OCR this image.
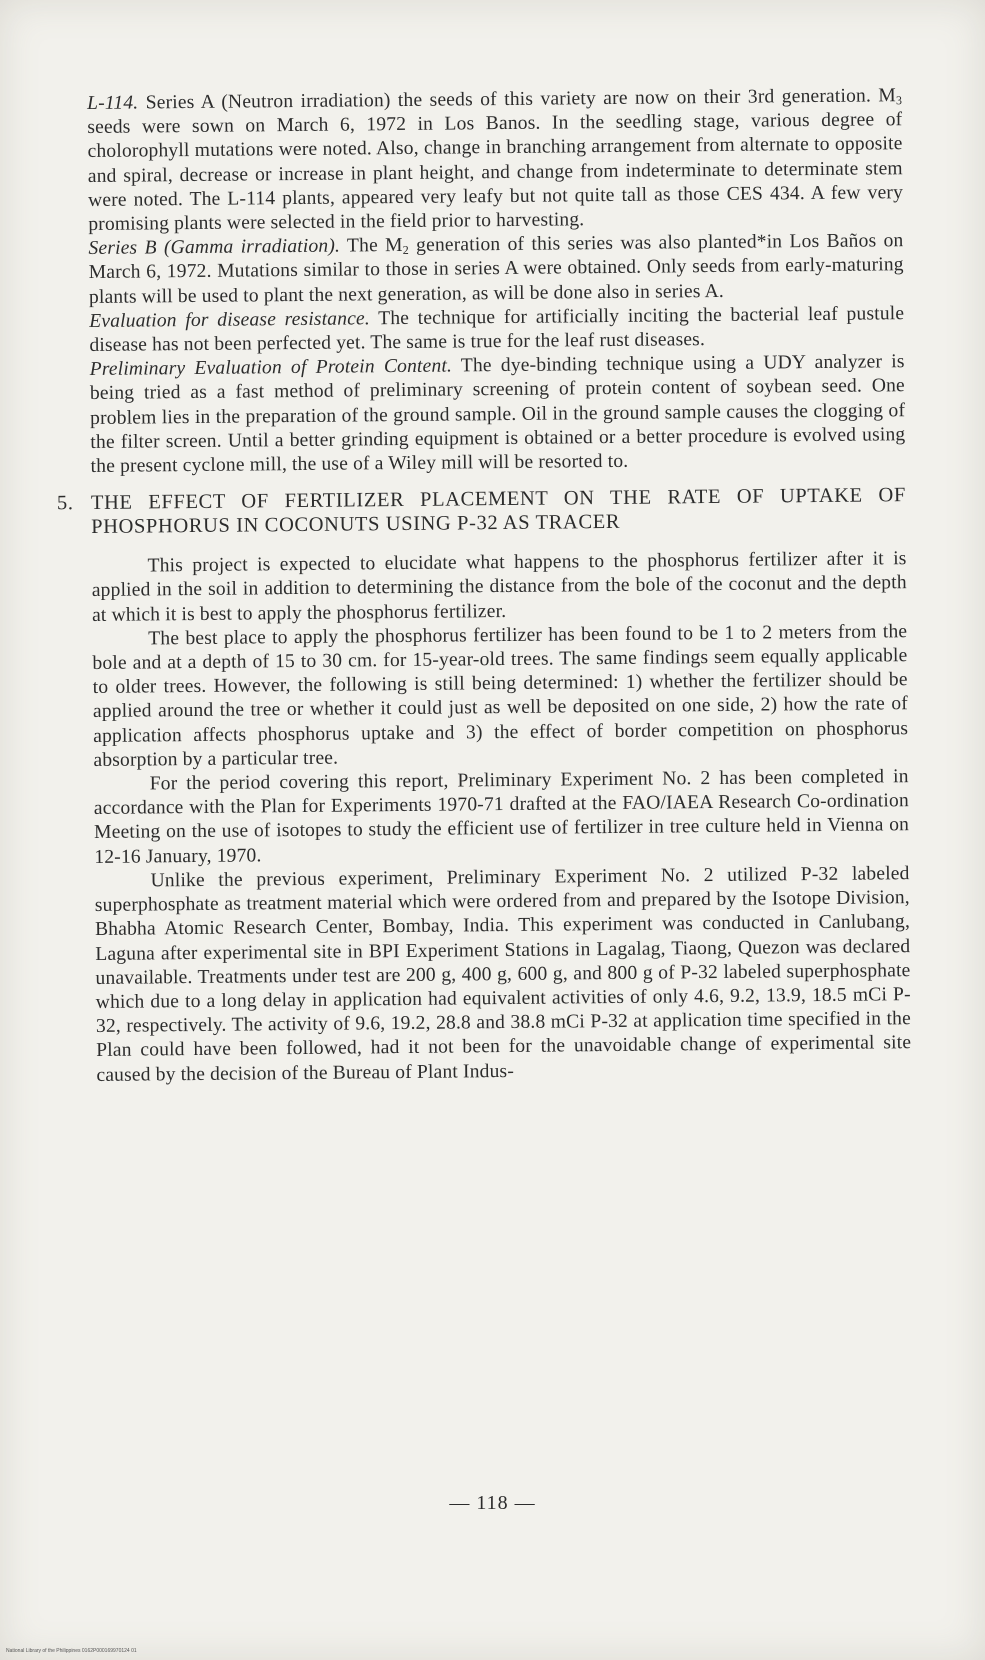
L-114. Series A (Neutron irradiation) the seeds of this variety are now on their 3rd generation. $M_3$ seeds were sown on March 6, 1972 in Los Banos. In the seedling stage, various degree of cholorophyll mutations were noted. Also, change in branching arrangement from alternate to opposite and spiral, decrease or increase in plant height, and change from indeterminate to determinate stem were noted. The L-114 plants, appeared very leafy but not quite tall as those CES 434. A few very promising plants were selected in the field prior to harvesting.

Series B (Gamma irradiation). The $M_2$ generation of this series was also planted*in Los Baños on March 6, 1972. Mutations similar to those in series A were obtained. Only seeds from early-maturing plants will be used to plant the next generation, as will be done also in series A.

Evaluation for disease resistance. The technique for artificially inciting the bacterial leaf pustule disease has not been perfected yet. The same is true for the leaf rust diseases.

Preliminary Evaluation of Protein Content. The dye-binding technique using a UDY analyzer is being tried as a fast method of preliminary screening of protein content of soybean seed. One problem lies in the preparation of the ground sample. Oil in the ground sample causes the clogging of the filter screen. Until a better grinding equipment is obtained or a better procedure is evolved using the present cyclone mill, the use of a Wiley mill will be resorted to.

5. THE EFFECT OF FERTILIZER PLACEMENT ON THE RATE OF UPTAKE OF PHOSPHORUS IN COCONUTS USING P-32 AS TRACER

This project is expected to elucidate what happens to the phosphorus fertilizer after it is applied in the soil in addition to determining the distance from the bole of the coconut and the depth at which it is best to apply the phosphorus fertilizer.

The best place to apply the phosphorus fertilizer has been found to be 1 to 2 meters from the bole and at a depth of 15 to 30 cm. for 15-year-old trees. The same findings seem equally applicable to older trees. However, the following is still being determined: 1) whether the fertilizer should be applied around the tree or whether it could just as well be deposited on one side, 2) how the rate of application affects phosphorus uptake and 3) the effect of border competition on phosphorus absorption by a particular tree.

For the period covering this report, Preliminary Experiment No. 2 has been completed in accordance with the Plan for Experiments 1970-71 drafted at the FAO/IAEA Research Co-ordination Meeting on the use of isotopes to study the efficient use of fertilizer in tree culture held in Vienna on 12-16 January, 1970.

Unlike the previous experiment, Preliminary Experiment No. 2 utilized P-32 labeled superphosphate as treatment material which were ordered from and prepared by the Isotope Division, Bhabha Atomic Research Center, Bombay, India. This experiment was conducted in Canlubang, Laguna after experimental site in BPI Experiment Stations in Lagalag, Tiaong, Quezon was declared unavailable. Treatments under test are 200 g, 400 g, 600 g, and 800 g of P-32 labeled superphosphate which due to a long delay in application had equivalent activities of only 4.6, 9.2, 13.9, 18.5 mCi P-32, respectively. The activity of 9.6, 19.2, 28.8 and 38.8 mCi P-32 at application time specified in the Plan could have been followed, had it not been for the unavoidable change of experimental site caused by the decision of the Bureau of Plant Indus-

— 118 —
National Library of the Philippines 0162P000169970124 01
